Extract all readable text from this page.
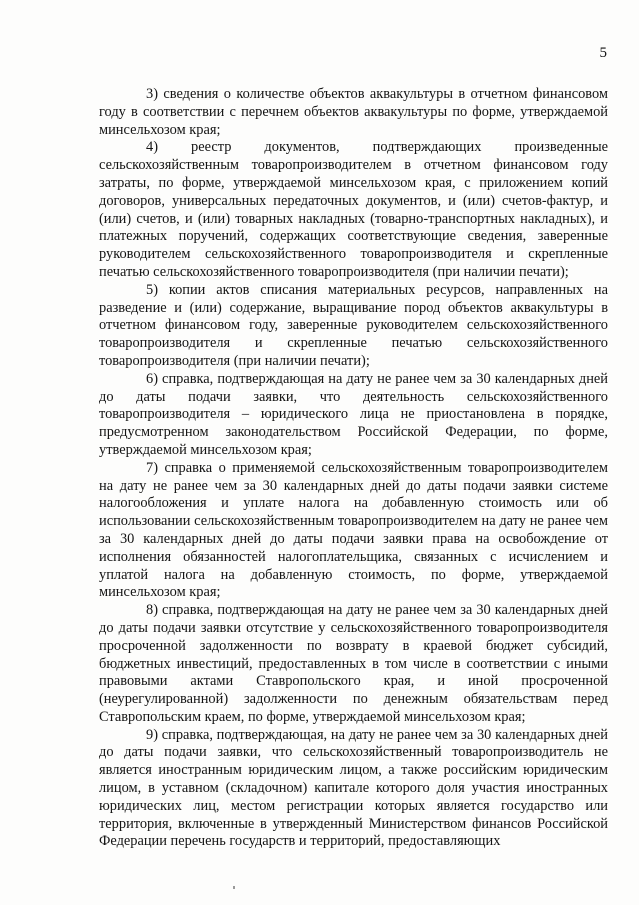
5

3) сведения о количестве объектов аквакультуры в отчетном финансовом году в соответствии с перечнем объектов аквакультуры по форме, утверждаемой минсельхозом края;

4) реестр документов, подтверждающих произведенные сельскохозяйственным товаропроизводителем в отчетном финансовом году затраты, по форме, утверждаемой минсельхозом края, с приложением копий договоров, универсальных передаточных документов, и (или) счетов-фактур, и (или) счетов, и (или) товарных накладных (товарно-транспортных накладных), и платежных поручений, содержащих соответствующие сведения, заверенные руководителем сельскохозяйственного товаропроизводителя и скрепленные печатью сельскохозяйственного товаропроизводителя (при наличии печати);

5) копии актов списания материальных ресурсов, направленных на разведение и (или) содержание, выращивание пород объектов аквакультуры в отчетном финансовом году, заверенные руководителем сельскохозяйственного товаропроизводителя и скрепленные печатью сельскохозяйственного товаропроизводителя (при наличии печати);

6) справка, подтверждающая на дату не ранее чем за 30 календарных дней до даты подачи заявки, что деятельность сельскохозяйственного товаропроизводителя – юридического лица не приостановлена в порядке, предусмотренном законодательством Российской Федерации, по форме, утверждаемой минсельхозом края;

7) справка о применяемой сельскохозяйственным товаропроизводителем на дату не ранее чем за 30 календарных дней до даты подачи заявки системе налогообложения и уплате налога на добавленную стоимость или об использовании сельскохозяйственным товаропроизводителем на дату не ранее чем за 30 календарных дней до даты подачи заявки права на освобождение от исполнения обязанностей налогоплательщика, связанных с исчислением и уплатой налога на добавленную стоимость, по форме, утверждаемой минсельхозом края;

8) справка, подтверждающая на дату не ранее чем за 30 календарных дней до даты подачи заявки отсутствие у сельскохозяйственного товаропроизводителя просроченной задолженности по возврату в краевой бюджет субсидий, бюджетных инвестиций, предоставленных в том числе в соответствии с иными правовыми актами Ставропольского края, и иной просроченной (неурегулированной) задолженности по денежным обязательствам перед Ставропольским краем, по форме, утверждаемой минсельхозом края;

9) справка, подтверждающая, на дату не ранее чем за 30 календарных дней до даты подачи заявки, что сельскохозяйственный товаропроизводитель не является иностранным юридическим лицом, а также российским юридическим лицом, в уставном (складочном) капитале которого доля участия иностранных юридических лиц, местом регистрации которых является государство или территория, включенные в утвержденный Министерством финансов Российской Федерации перечень государств и территорий, предоставляющих
